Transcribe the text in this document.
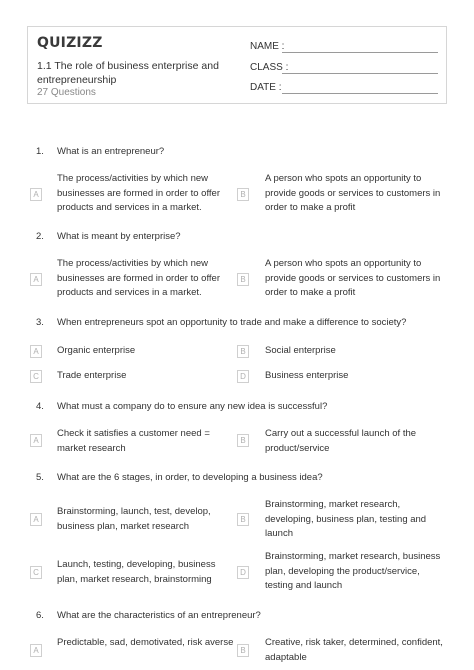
QUIZIZZ
1.1 The role of business enterprise and entrepreneurship
27 Questions
NAME :
CLASS :
DATE :
1. What is an entrepreneur?
A
The process/activities by which new businesses are formed in order to offer products and services in a market.
B
A person who spots an opportunity to provide goods or services to customers in order to make a profit
2. What is meant by enterprise?
A
The process/activities by which new businesses are formed in order to offer products and services in a market.
B
A person who spots an opportunity to provide goods or services to customers in order to make a profit
3. When entrepreneurs spot an opportunity to trade and make a difference to society?
A	Organic enterprise	B	Social enterprise
C	Trade enterprise	D	Business enterprise
4. What must a company do to ensure any new idea is successful?
A
Check it satisfies a customer need = market research
B
Carry out a successful launch of the product/service
5. What are the 6 stages, in order, to developing a business idea?
A
Brainstorming, launch, test, develop, business plan, market research
B
Brainstorming, market research, developing, business plan, testing and launch
C
Launch, testing, developing, business plan, market research, brainstorming
D
Brainstorming, market research, business plan, developing the product/service, testing and launch
6. What are the characteristics of an entrepreneur?
A
Predictable, sad, demotivated, risk averse
B
Creative, risk taker, determined, confident, adaptable
